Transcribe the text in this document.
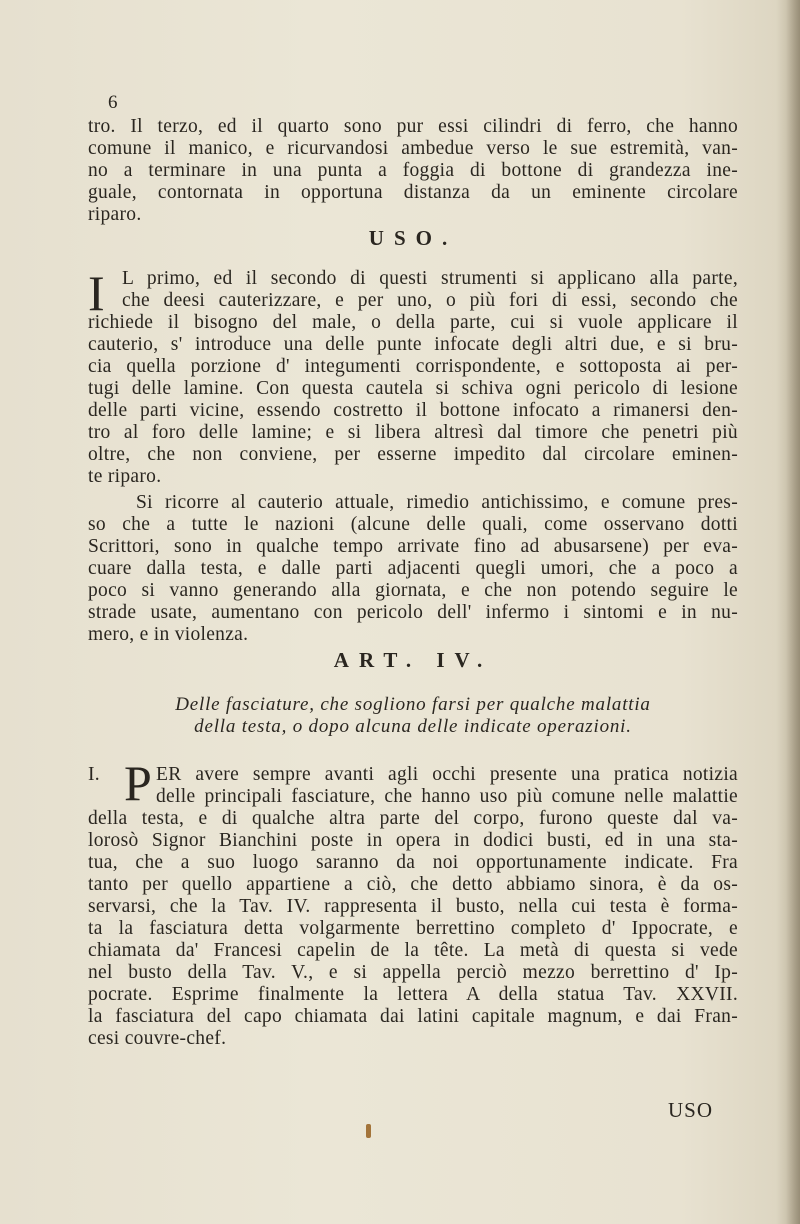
6
tro. Il terzo, ed il quarto sono pur essi cilindri di ferro, che hanno
comune il manico, e ricurvandosi ambedue verso le sue estremità, van-
no a terminare in una punta a foggia di bottone di grandezza ine-
guale, contornata in opportuna distanza da un eminente circolare
riparo.
USO.
I L primo, ed il secondo di questi strumenti si applicano alla parte,
che deesi cauterizzare, e per uno, o più fori di essi, secondo che
richiede il bisogno del male, o della parte, cui si vuole applicare il
cauterio, s' introduce una delle punte infocate degli altri due, e si bru-
cia quella porzione d' integumenti corrispondente, e sottoposta ai per-
tugi delle lamine. Con questa cautela si schiva ogni pericolo di lesione
delle parti vicine, essendo costretto il bottone infocato a rimanersi den-
tro al foro delle lamine; e si libera altresì dal timore che penetri più
oltre, che non conviene, per esserne impedito dal circolare eminen-
te riparo.
Si ricorre al cauterio attuale, rimedio antichissimo, e comune pres-
so che a tutte le nazioni (alcune delle quali, come osservano dotti
Scrittori, sono in qualche tempo arrivate fino ad abusarsene) per eva-
cuare dalla testa, e dalle parti adjacenti quegli umori, che a poco a
poco si vanno generando alla giornata, e che non potendo seguire le
strade usate, aumentano con pericolo dell' infermo i sintomi e in nu-
mero, e in violenza.
ART. IV.
Delle fasciature, che sogliono farsi per qualche malattia
della testa, o dopo alcuna delle indicate operazioni.
I. P ER avere sempre avanti agli occhi presente una pratica notizia
delle principali fasciature, che hanno uso più comune nelle malattie
della testa, e di qualche altra parte del corpo, furono queste dal va-
lorosò Signor Bianchini poste in opera in dodici busti, ed in una sta-
tua, che a suo luogo saranno da noi opportunamente indicate. Fra
tanto per quello appartiene a ciò, che detto abbiamo sinora, è da os-
servarsi, che la Tav. IV. rappresenta il busto, nella cui testa è forma-
ta la fasciatura detta volgarmente berrettino completo d' Ippocrate, e
chiamata da' Francesi capelin de la tête. La metà di questa si vede
nel busto della Tav. V., e si appella perciò mezzo berrettino d' Ip-
pocrate. Esprime finalmente la lettera A della statua Tav. XXVII.
la fasciatura del capo chiamata dai latini capitale magnum, e dai Fran-
cesi couvre-chef.
USO
